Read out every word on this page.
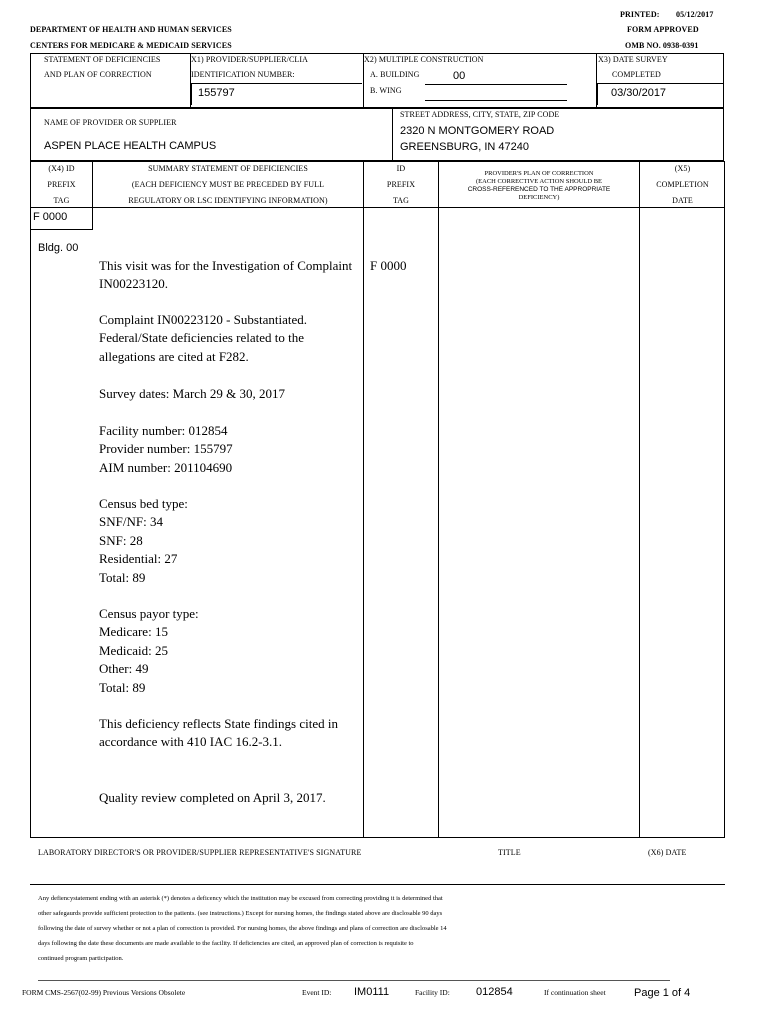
PRINTED: 05/12/2017
FORM APPROVED
DEPARTMENT OF HEALTH AND HUMAN SERVICES
CENTERS FOR MEDICARE & MEDICAID SERVICES	OMB NO. 0938-0391
STATEMENT OF DEFICIENCIES
AND PLAN OF CORRECTION
X1) PROVIDER/SUPPLIER/CLIA
IDENTIFICATION NUMBER:
155797
X2) MULTIPLE CONSTRUCTION
A. BUILDING	00
B. WING
X3) DATE SURVEY
COMPLETED
03/30/2017
NAME OF PROVIDER OR SUPPLIER
ASPEN PLACE HEALTH CAMPUS
STREET ADDRESS, CITY, STATE, ZIP CODE
2320 N MONTGOMERY ROAD
GREENSBURG, IN 47240
(X4) ID
PREFIX
TAG
SUMMARY STATEMENT OF DEFICIENCIES
(EACH DEFICIENCY MUST BE PRECEDED BY FULL
REGULATORY OR LSC IDENTIFYING INFORMATION)
ID
PREFIX
TAG
PROVIDER'S PLAN OF CORRECTION
(EACH CORRECTIVE ACTION SHOULD BE
CROSS-REFERENCED TO THE APPROPRIATE
DEFICIENCY)
(X5)
COMPLETION
DATE
F 0000
Bldg. 00
F 0000
This visit was for the Investigation of Complaint IN00223120.
Complaint IN00223120 - Substantiated. Federal/State deficiencies related to the allegations are cited at F282.
Survey dates: March 29 & 30, 2017
Facility number: 012854
Provider number: 155797
AIM number: 201104690
Census bed type:
SNF/NF: 34
SNF: 28
Residential: 27
Total: 89
Census payor type:
Medicare: 15
Medicaid: 25
Other: 49
Total: 89
This deficiency reflects State findings cited in accordance with 410 IAC 16.2-3.1.
Quality review completed on April 3, 2017.
LABORATORY DIRECTOR'S OR PROVIDER/SUPPLIER REPRESENTATIVE'S SIGNATURE	TITLE	(X6) DATE
Any defiencystatement ending with an asterisk (*) denotes a deficency which the institution may be excused from correcting providing it is determined that
other safegaurds provide sufficient protection to the patients. (see instructions.) Except for nursing homes, the findings stated above are disclosable 90 days
following the date of survey whether or not a plan of correction is provided. For nursing homes, the above findings and plans of correction are disclosable 14
days following the date these documents are made available to the facility. If deficiencies are cited, an approved plan of correction is requisite to
continued program participation.
FORM CMS-2567(02-99) Previous Versions Obsolete	Event ID: IM0111	Facility ID: 012854	If continuation sheet	Page 1 of 4
